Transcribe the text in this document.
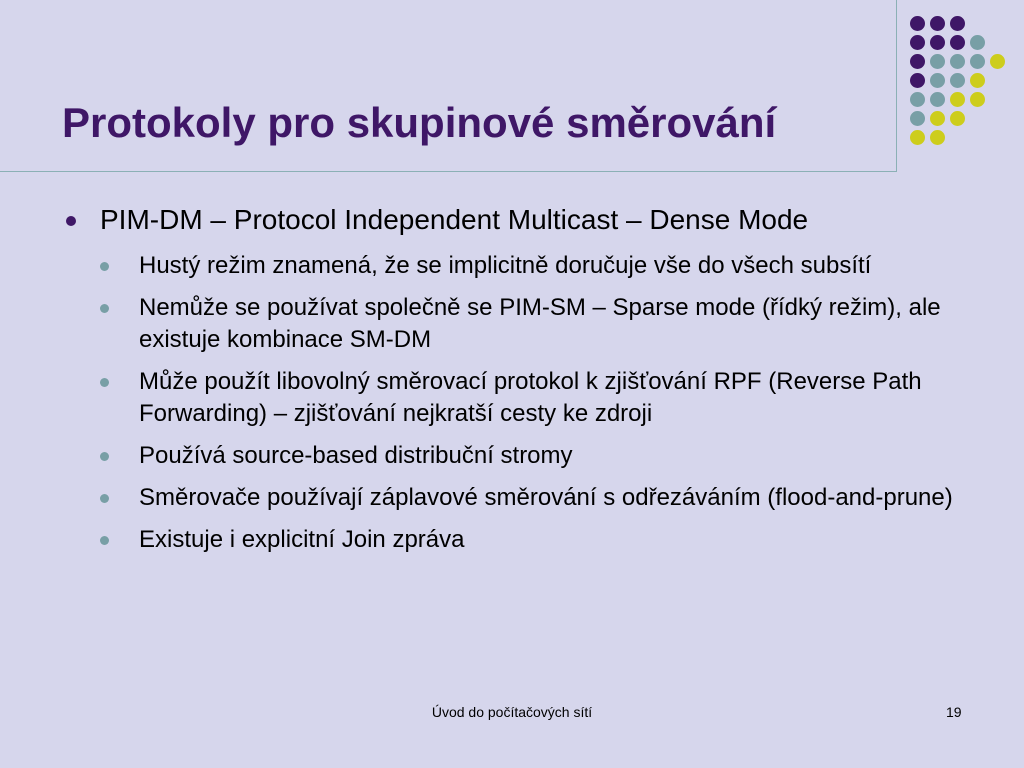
Protokoly pro skupinové směrování
PIM-DM – Protocol Independent Multicast – Dense Mode
Hustý režim znamená, že se implicitně doručuje vše do všech subsítí
Nemůže se používat společně se PIM-SM – Sparse mode (řídký režim), ale existuje kombinace SM-DM
Může použít libovolný směrovací protokol k zjišťování RPF (Reverse Path Forwarding) – zjišťování nejkratší cesty ke zdroji
Používá source-based distribuční stromy
Směrovače používají záplavové směrování s odřezáváním (flood-and-prune)
Existuje i explicitní Join zpráva
Úvod do počítačových sítí	19
